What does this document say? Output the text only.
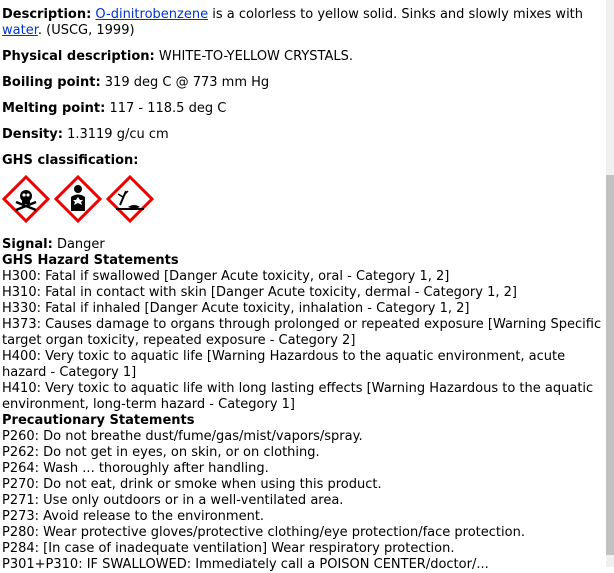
Description: O-dinitrobenzene is a colorless to yellow solid. Sinks and slowly mixes with water. (USCG, 1999)
Physical description: WHITE-TO-YELLOW CRYSTALS.
Boiling point: 319 deg C @ 773 mm Hg
Melting point: 117 - 118.5 deg C
Density: 1.3119 g/cu cm
GHS classification:
Signal: Danger
GHS Hazard Statements
H300: Fatal if swallowed [Danger Acute toxicity, oral - Category 1, 2]
H310: Fatal in contact with skin [Danger Acute toxicity, dermal - Category 1, 2]
H330: Fatal if inhaled [Danger Acute toxicity, inhalation - Category 1, 2]
H373: Causes damage to organs through prolonged or repeated exposure [Warning Specific target organ toxicity, repeated exposure - Category 2]
H400: Very toxic to aquatic life [Warning Hazardous to the aquatic environment, acute hazard - Category 1]
H410: Very toxic to aquatic life with long lasting effects [Warning Hazardous to the aquatic environment, long-term hazard - Category 1]
Precautionary Statements
P260: Do not breathe dust/fume/gas/mist/vapors/spray.
P262: Do not get in eyes, on skin, or on clothing.
P264: Wash ... thoroughly after handling.
P270: Do not eat, drink or smoke when using this product.
P271: Use only outdoors or in a well-ventilated area.
P273: Avoid release to the environment.
P280: Wear protective gloves/protective clothing/eye protection/face protection.
P284: [In case of inadequate ventilation] Wear respiratory protection.
P301+P310: IF SWALLOWED: Immediately call a POISON CENTER/doctor/...
